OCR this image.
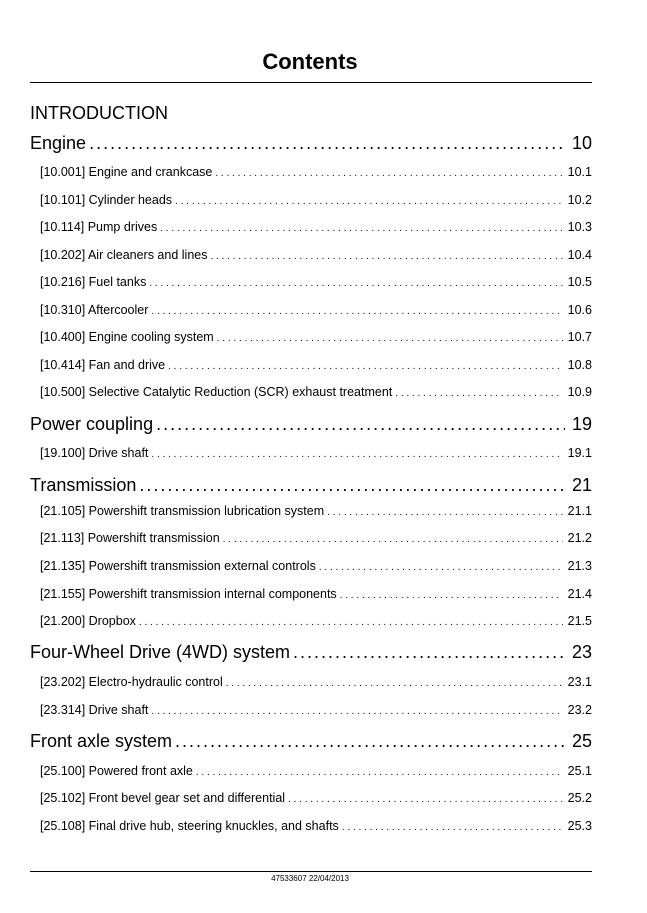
Contents
INTRODUCTION
Engine . . .	10
[10.001] Engine and crankcase . . .	10.1
[10.101] Cylinder heads . . .	10.2
[10.114] Pump drives . . .	10.3
[10.202] Air cleaners and lines . . .	10.4
[10.216] Fuel tanks . . .	10.5
[10.310] Aftercooler . . .	10.6
[10.400] Engine cooling system . . .	10.7
[10.414] Fan and drive . . .	10.8
[10.500] Selective Catalytic Reduction (SCR) exhaust treatment . . .	10.9
Power coupling . . .	19
[19.100] Drive shaft . . .	19.1
Transmission . . .	21
[21.105] Powershift transmission lubrication system . . .	21.1
[21.113] Powershift transmission . . .	21.2
[21.135] Powershift transmission external controls . . .	21.3
[21.155] Powershift transmission internal components . . .	21.4
[21.200] Dropbox . . .	21.5
Four-Wheel Drive (4WD) system . . .	23
[23.202] Electro-hydraulic control . . .	23.1
[23.314] Drive shaft . . .	23.2
Front axle system . . .	25
[25.100] Powered front axle . . .	25.1
[25.102] Front bevel gear set and differential . . .	25.2
[25.108] Final drive hub, steering knuckles, and shafts . . .	25.3
47533607 22/04/2013
